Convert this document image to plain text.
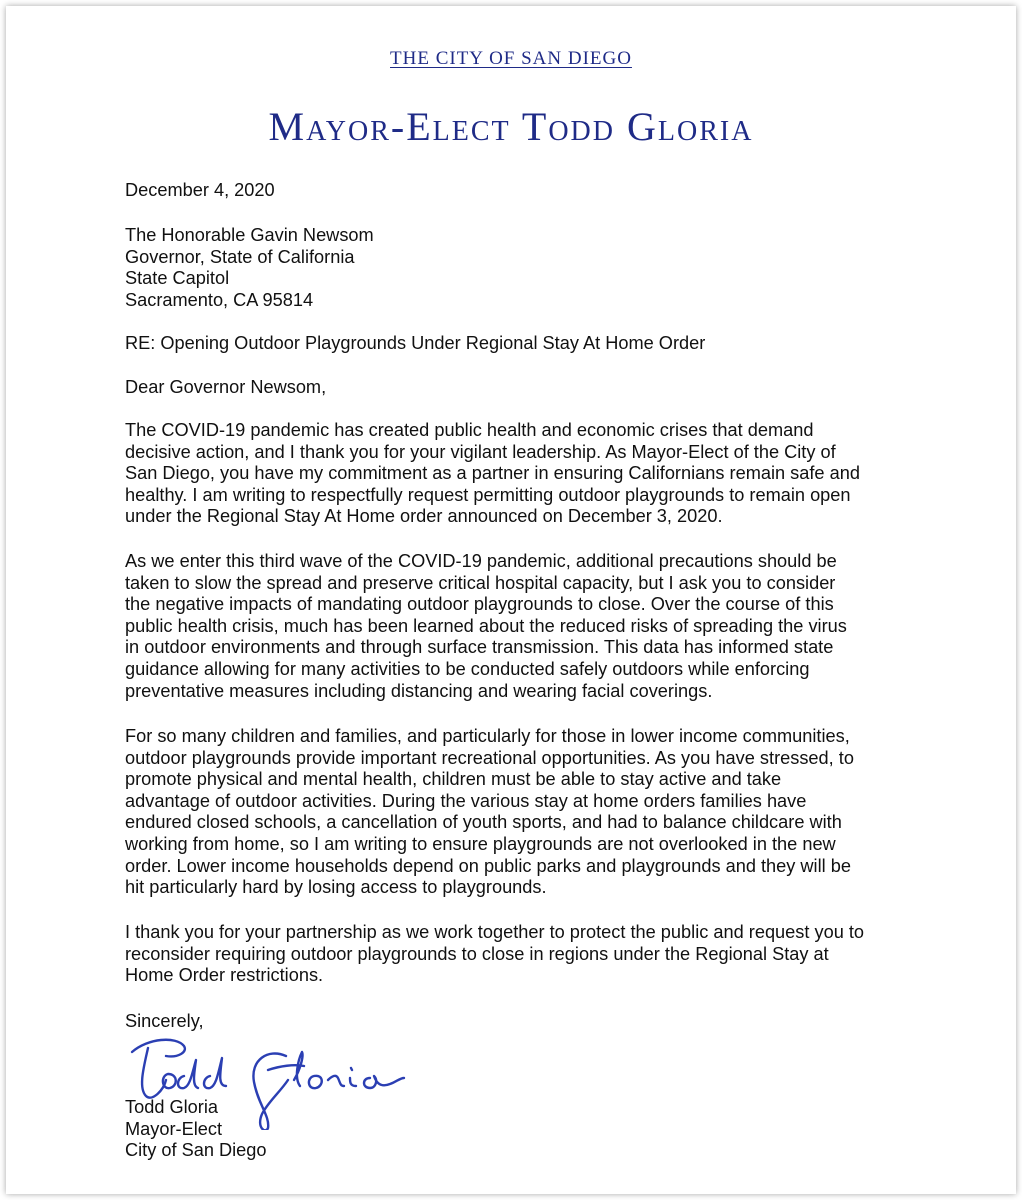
THE CITY OF SAN DIEGO
Mayor-Elect Todd Gloria
December 4, 2020
The Honorable Gavin Newsom
Governor, State of California
State Capitol
Sacramento, CA 95814
RE: Opening Outdoor Playgrounds Under Regional Stay At Home Order
Dear Governor Newsom,
The COVID-19 pandemic has created public health and economic crises that demand
decisive action, and I thank you for your vigilant leadership. As Mayor-Elect of the City of
San Diego, you have my commitment as a partner in ensuring Californians remain safe and
healthy. I am writing to respectfully request permitting outdoor playgrounds to remain open
under the Regional Stay At Home order announced on December 3, 2020.
As we enter this third wave of the COVID-19 pandemic, additional precautions should be
taken to slow the spread and preserve critical hospital capacity, but I ask you to consider
the negative impacts of mandating outdoor playgrounds to close. Over the course of this
public health crisis, much has been learned about the reduced risks of spreading the virus
in outdoor environments and through surface transmission. This data has informed state
guidance allowing for many activities to be conducted safely outdoors while enforcing
preventative measures including distancing and wearing facial coverings.
For so many children and families, and particularly for those in lower income communities,
outdoor playgrounds provide important recreational opportunities. As you have stressed, to
promote physical and mental health, children must be able to stay active and take
advantage of outdoor activities. During the various stay at home orders families have
endured closed schools, a cancellation of youth sports, and had to balance childcare with
working from home, so I am writing to ensure playgrounds are not overlooked in the new
order. Lower income households depend on public parks and playgrounds and they will be
hit particularly hard by losing access to playgrounds.
I thank you for your partnership as we work together to protect the public and request you to
reconsider requiring outdoor playgrounds to close in regions under the Regional Stay at
Home Order restrictions.
Sincerely,
Todd Gloria
Mayor-Elect
City of San Diego
